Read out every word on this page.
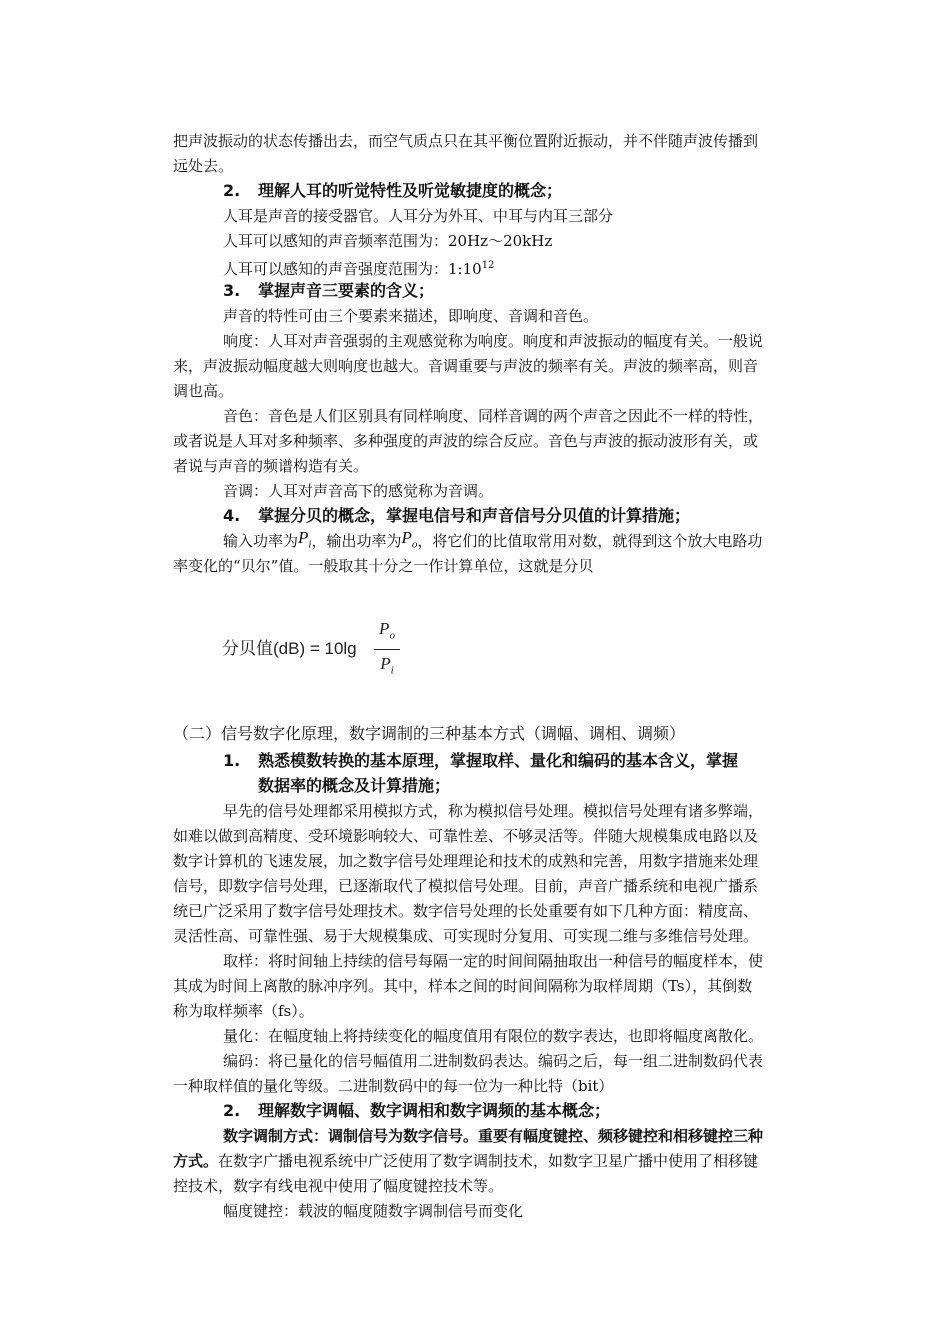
把声波振动的状态传播出去，而空气质点只在其平衡位置附近振动，并不伴随声波传播到
远处去。
2. 理解人耳的听觉特性及听觉敏捷度的概念；
人耳是声音的接受器官。人耳分为外耳、中耳与内耳三部分
人耳可以感知的声音频率范围为：20Hz～20kHz
人耳可以感知的声音强度范围为：$1:10^{12}$
3. 掌握声音三要素的含义；
声音的特性可由三个要素来描述，即响度、音调和音色。
响度：人耳对声音强弱的主观感觉称为响度。响度和声波振动的幅度有关。一般说
来，声波振动幅度越大则响度也越大。音调重要与声波的频率有关。声波的频率高，则音
调也高。
音色：音色是人们区别具有同样响度、同样音调的两个声音之因此不一样的特性，
或者说是人耳对多种频率、多种强度的声波的综合反应。音色与声波的振动波形有关，或
者说与声音的频谱构造有关。
音调：人耳对声音高下的感觉称为音调。
4. 掌握分贝的概念，掌握电信号和声音信号分贝值的计算措施；
输入功率为$P_i$，输出功率为$P_o$，将它们的比值取常用对数，就得到这个放大电路功
率变化的“贝尔”值。一般取其十分之一作计算单位，这就是分贝
分贝值(dB) = 10lg
$P_o$
$P_i$
（二）信号数字化原理，数字调制的三种基本方式（调幅、调相、调频）
1. 熟悉模数转换的基本原理，掌握取样、量化和编码的基本含义，掌握
数据率的概念及计算措施；
早先的信号处理都采用模拟方式，称为模拟信号处理。模拟信号处理有诸多弊端，
如难以做到高精度、受环境影响较大、可靠性差、不够灵活等。伴随大规模集成电路以及
数字计算机的飞速发展，加之数字信号处理理论和技术的成熟和完善，用数字措施来处理
信号，即数字信号处理，已逐渐取代了模拟信号处理。目前，声音广播系统和电视广播系
统已广泛采用了数字信号处理技术。数字信号处理的长处重要有如下几种方面：精度高、
灵活性高、可靠性强、易于大规模集成、可实现时分复用、可实现二维与多维信号处理。
取样：将时间轴上持续的信号每隔一定的时间间隔抽取出一种信号的幅度样本，使
其成为时间上离散的脉冲序列。其中，样本之间的时间间隔称为取样周期（Ts），其倒数
称为取样频率（fs）。
量化：在幅度轴上将持续变化的幅度值用有限位的数字表达，也即将幅度离散化。
编码：将已量化的信号幅值用二进制数码表达。编码之后，每一组二进制数码代表
一种取样值的量化等级。二进制数码中的每一位为一种比特（bit）
2. 理解数字调幅、数字调相和数字调频的基本概念；
数字调制方式：调制信号为数字信号。重要有幅度键控、频移键控和相移键控三种
方式。在数字广播电视系统中广泛使用了数字调制技术，如数字卫星广播中使用了相移键
控技术，数字有线电视中使用了幅度键控技术等。
幅度键控：载波的幅度随数字调制信号而变化
